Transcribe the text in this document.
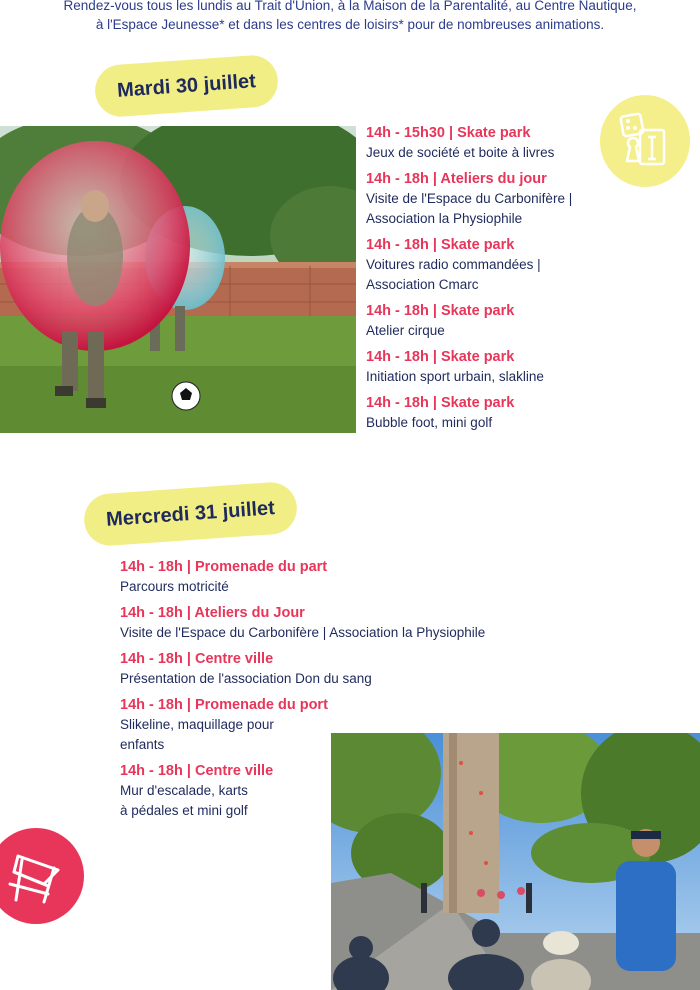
Rendez-vous tous les lundis au Trait d'Union, à la Maison de la Parentalité, au Centre Nautique,
à l'Espace Jeunesse* et dans les centres de loisirs* pour de nombreuses animations.
Mardi 30 juillet
14h - 15h30 | Skate park
Jeux de société et boite à livres
14h - 18h | Ateliers du jour
Visite de l'Espace du Carbonifère |
Association la Physiophile
14h - 18h | Skate park
Voitures radio commandées |
Association Cmarc
14h - 18h | Skate park
Atelier cirque
14h - 18h | Skate park
Initiation sport urbain, slakline
14h - 18h | Skate park
Bubble foot, mini golf
Mercredi 31 juillet
14h - 18h | Promenade du part
Parcours motricité
14h - 18h | Ateliers du Jour
Visite de l'Espace du Carbonifère | Association la Physiophile
14h - 18h | Centre ville
Présentation de l'association Don du sang
14h - 18h | Promenade du port
Slikeline, maquillage pour
enfants
14h - 18h | Centre ville
Mur d'escalade, karts
à pédales et mini golf
